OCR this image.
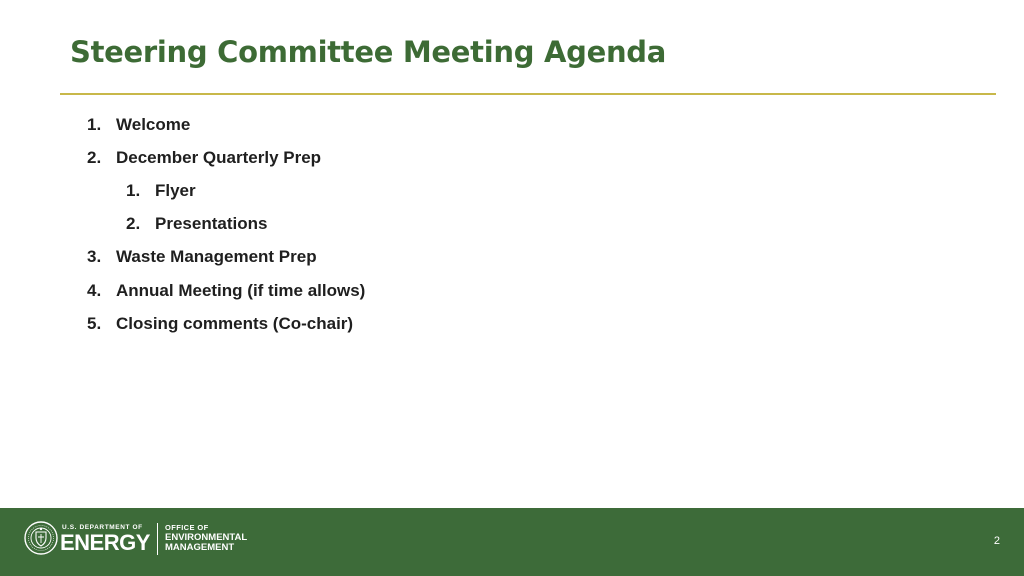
Steering Committee Meeting Agenda
1. Welcome
2. December Quarterly Prep
1. Flyer
2. Presentations
3. Waste Management Prep
4. Annual Meeting (if time allows)
5. Closing comments (Co-chair)
U.S. DEPARTMENT OF
ENERGY
OFFICE OF
ENVIRONMENTAL
MANAGEMENT
2
